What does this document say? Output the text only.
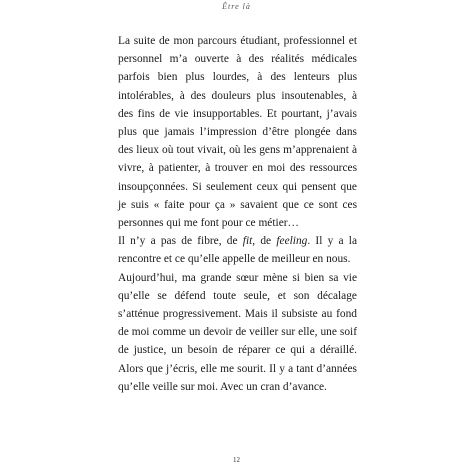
Être là

La suite de mon parcours étudiant, professionnel et personnel m’a ouverte à des réalités médicales parfois bien plus lourdes, à des lenteurs plus intolérables, à des douleurs plus insoutenables, à des fins de vie insupportables. Et pourtant, j’avais plus que jamais l’impression d’être plongée dans des lieux où tout vivait, où les gens m’apprenaient à vivre, à patienter, à trouver en moi des ressources insoupçonnées. Si seulement ceux qui pensent que je suis « faite pour ça » savaient que ce sont ces personnes qui me font pour ce métier…

Il n’y a pas de fibre, de fit, de feeling. Il y a la rencontre et ce qu’elle appelle de meilleur en nous.

Aujourd’hui, ma grande sœur mène si bien sa vie qu’elle se défend toute seule, et son décalage s’atténue progressivement. Mais il subsiste au fond de moi comme un devoir de veiller sur elle, une soif de justice, un besoin de réparer ce qui a déraillé. Alors que j’écris, elle me sourit. Il y a tant d’années qu’elle veille sur moi. Avec un cran d’avance.

12
